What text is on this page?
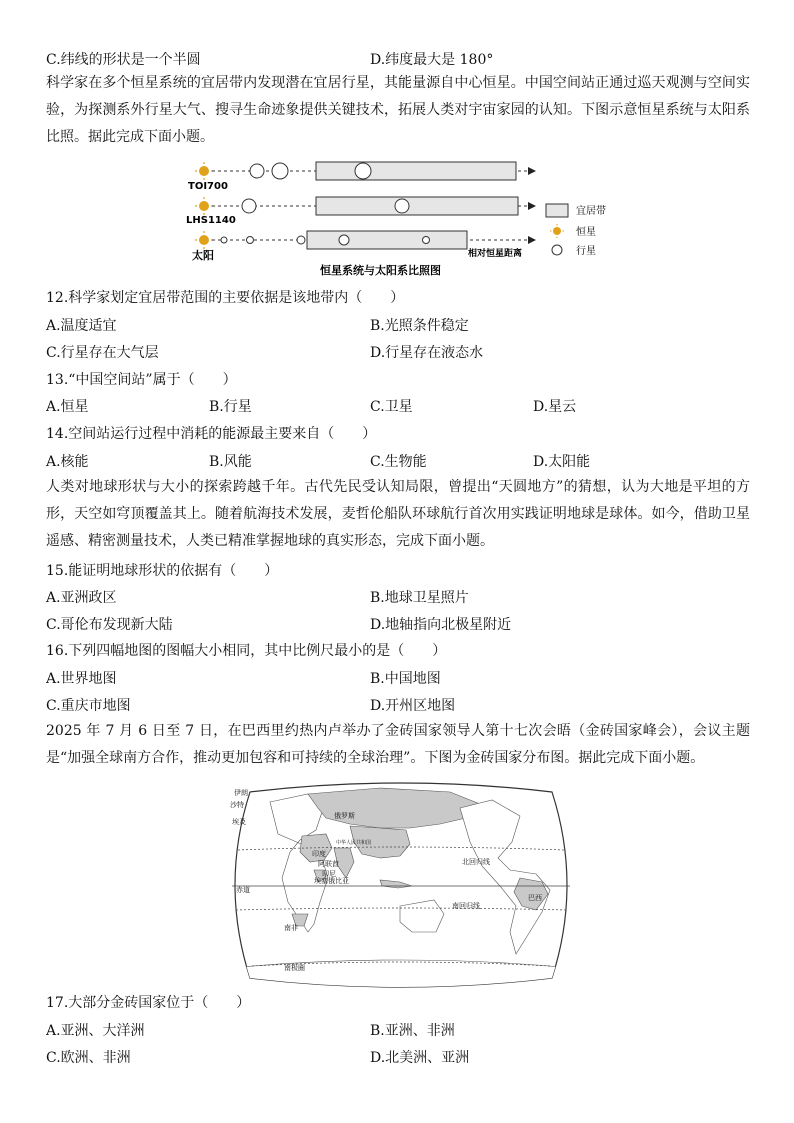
C.纬线的形状是一个半圆	D.纬度最大是 180°
科学家在多个恒星系统的宜居带内发现潜在宜居行星，其能量源自中心恒星。中国空间站正通过巡天观测与空间实验，为探测系外行星大气、搜寻生命迹象提供关键技术，拓展人类对宇宙家园的认知。下图示意恒星系统与太阳系比照。据此完成下面小题。
TOI700
LHS1140
太阳	相对恒星距离
宜居带
恒星
行星
恒星系统与太阳系比照图
12.科学家划定宜居带范围的主要依据是该地带内（　　）
A.温度适宜	B.光照条件稳定
C.行星存在大气层	D.行星存在液态水
13.“中国空间站”属于（　　）
A.恒星	B.行星	C.卫星	D.星云
14.空间站运行过程中消耗的能源最主要来自（　　）
A.核能	B.风能	C.生物能	D.太阳能
人类对地球形状与大小的探索跨越千年。古代先民受认知局限，曾提出“天圆地方”的猜想，认为大地是平坦的方形，天空如穹顶覆盖其上。随着航海技术发展，麦哲伦船队环球航行首次用实践证明地球是球体。如今，借助卫星遥感、精密测量技术，人类已精准掌握地球的真实形态，完成下面小题。
15.能证明地球形状的依据有（　　）
A.亚洲政区	B.地球卫星照片
C.哥伦布发现新大陆	D.地轴指向北极星附近
16.下列四幅地图的图幅大小相同，其中比例尺最小的是（　　）
A.世界地图	B.中国地图
C.重庆市地图	D.开州区地图
2025 年 7 月 6 日至 7 日，在巴西里约热内卢举办了金砖国家领导人第十七次会晤（金砖国家峰会），会议主题是“加强全球南方合作，推动更加包容和可持续的全球治理”。下图为金砖国家分布图。据此完成下面小题。
伊朗
沙特
俄罗斯
埃及
中华人民共和国
印度
印尼
阿联酋
埃塞俄比亚
北回归线
赤道
南回归线
南非
巴西
南极圈
17.大部分金砖国家位于（　　）
A.亚洲、大洋洲	B.亚洲、非洲
C.欧洲、非洲	D.北美洲、亚洲
